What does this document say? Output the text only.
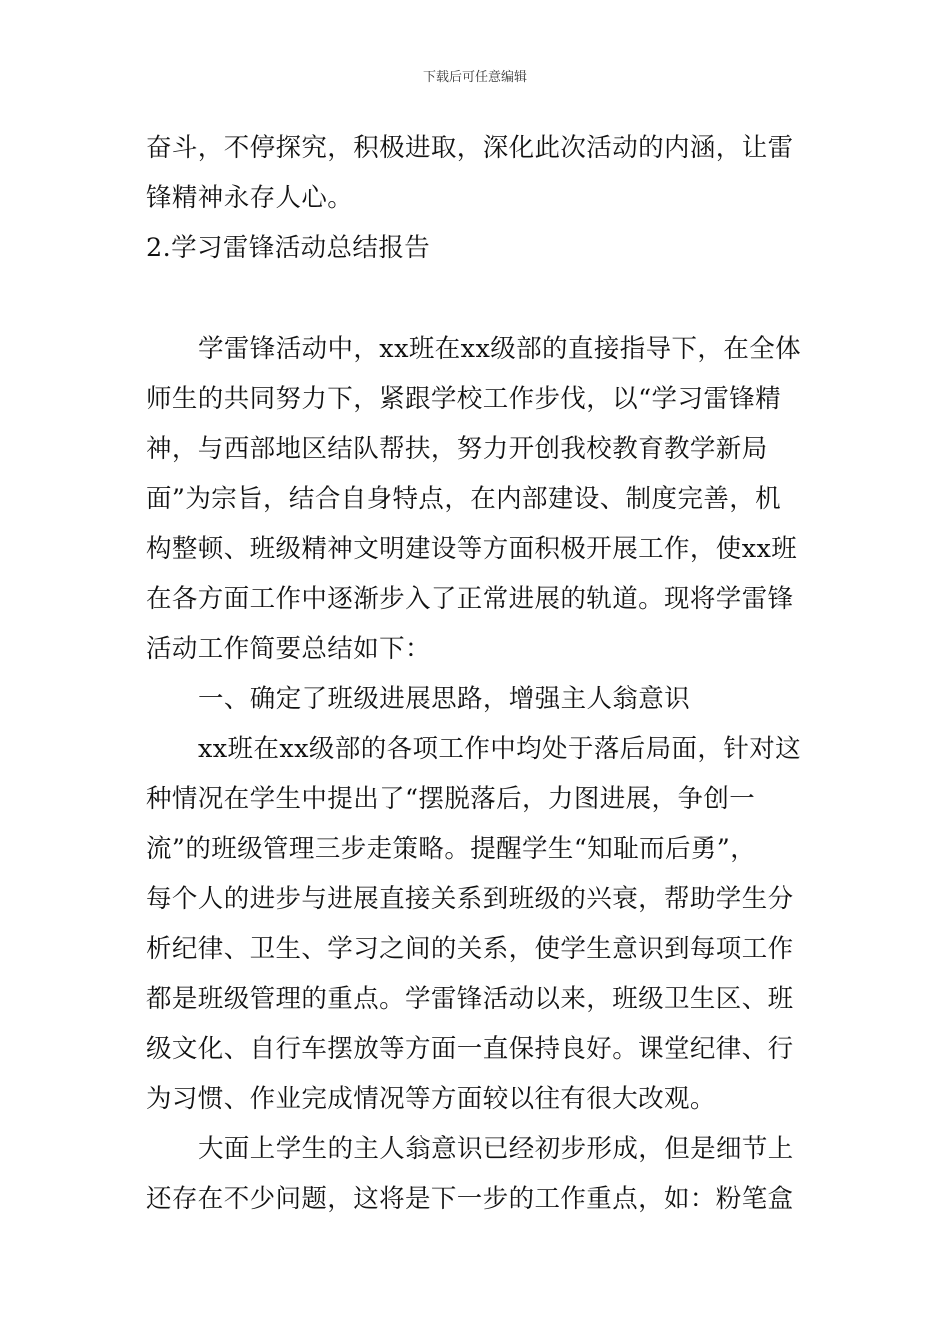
下载后可任意编辑
奋斗，不停探究，积极进取，深化此次活动的内涵，让雷
锋精神永存人心。
2.学习雷锋活动总结报告
学雷锋活动中，xx班在xx级部的直接指导下，在全体
师生的共同努力下，紧跟学校工作步伐，以“学习雷锋精
神，与西部地区结队帮扶，努力开创我校教育教学新局
面”为宗旨，结合自身特点，在内部建设、制度完善，机
构整顿、班级精神文明建设等方面积极开展工作，使xx班
在各方面工作中逐渐步入了正常进展的轨道。现将学雷锋
活动工作简要总结如下：
一、确定了班级进展思路，增强主人翁意识
xx班在xx级部的各项工作中均处于落后局面，针对这
种情况在学生中提出了“摆脱落后，力图进展，争创一
流”的班级管理三步走策略。提醒学生“知耻而后勇”，
每个人的进步与进展直接关系到班级的兴衰，帮助学生分
析纪律、卫生、学习之间的关系，使学生意识到每项工作
都是班级管理的重点。学雷锋活动以来，班级卫生区、班
级文化、自行车摆放等方面一直保持良好。课堂纪律、行
为习惯、作业完成情况等方面较以往有很大改观。
大面上学生的主人翁意识已经初步形成，但是细节上
还存在不少问题，这将是下一步的工作重点，如：粉笔盒
